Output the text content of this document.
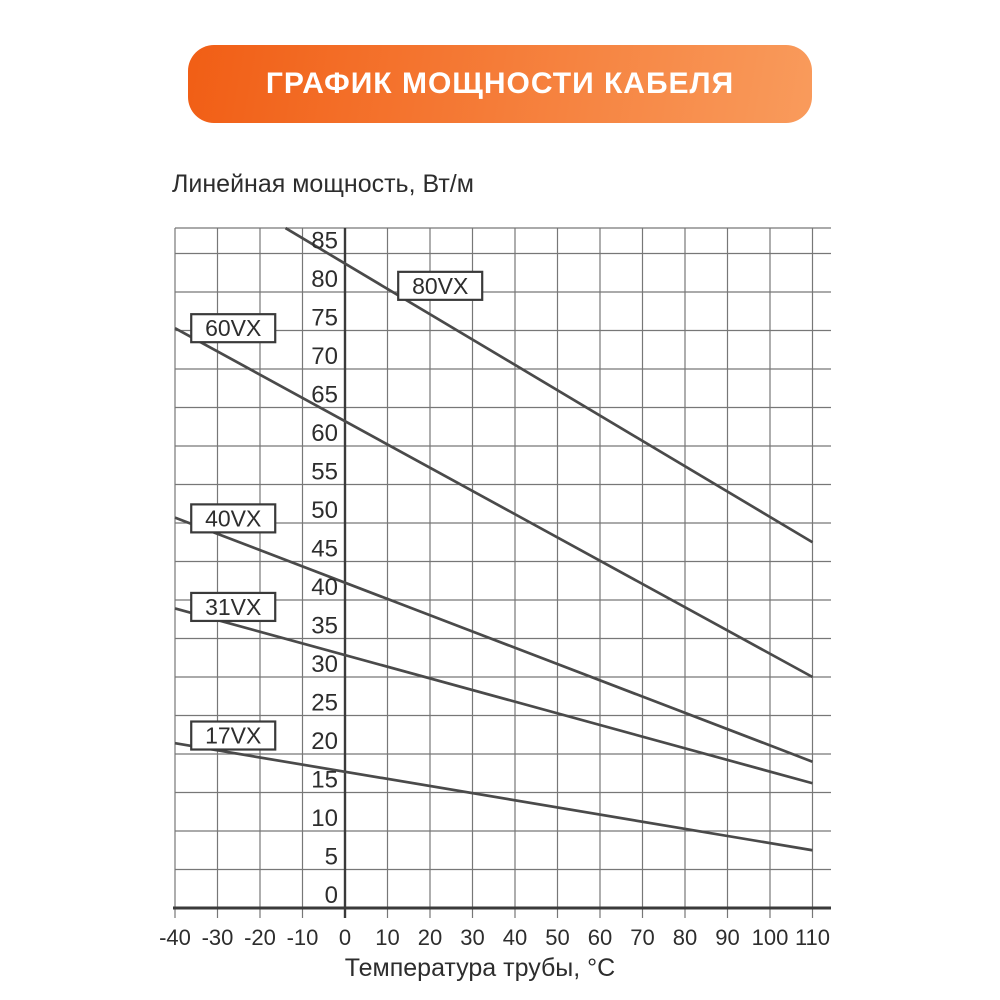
ГРАФИК МОЩНОСТИ КАБЕЛЯ
Линейная мощность, Вт/м
80VX
60VX
40VX
31VX
17VX
0
5
10
15
20
25
30
35
40
45
50
55
60
65
70
75
80
85
-40 -30 -20 -10 0 10 20 30 40 50 60 70 80 90 100 110
Температура трубы, °C
